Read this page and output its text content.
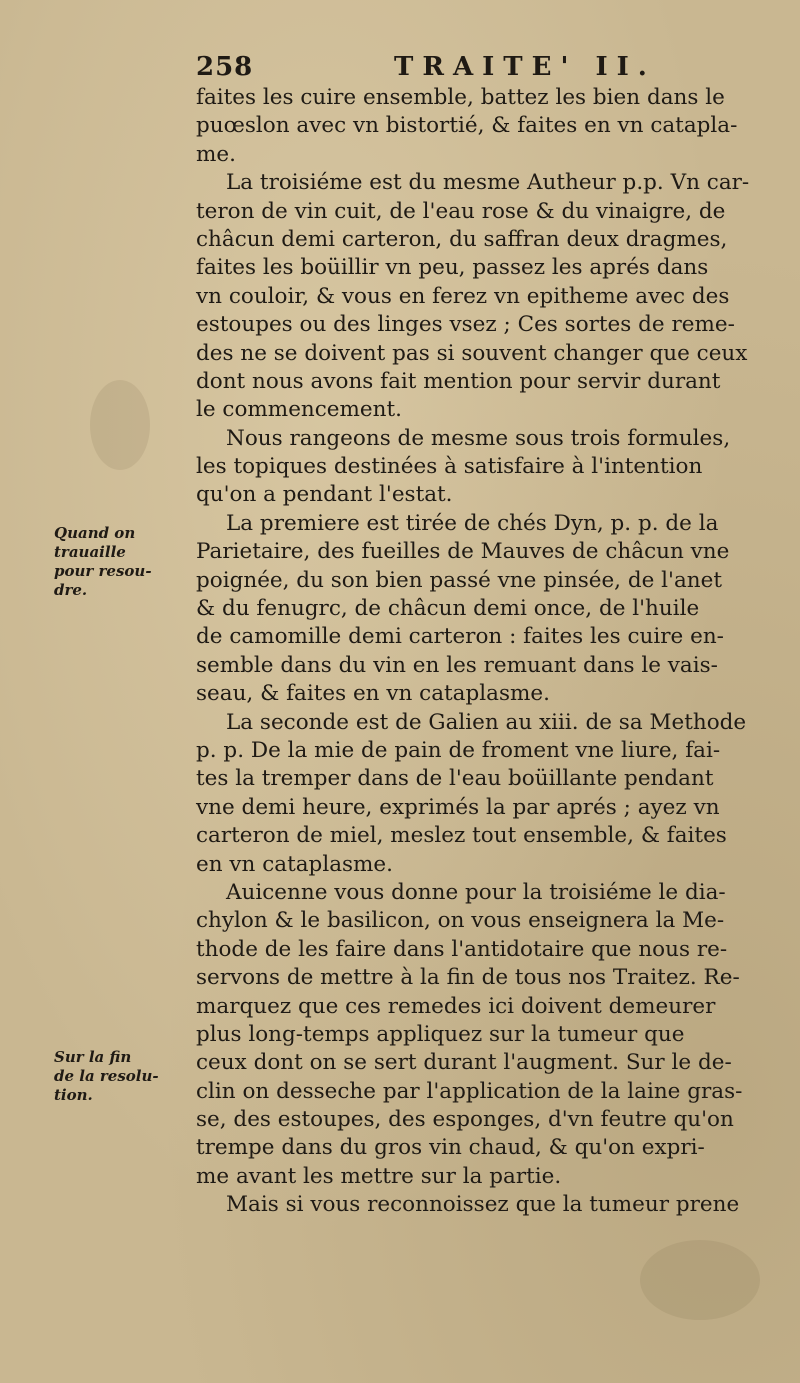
258	TRAITE' II.
Quand on
trauaille
pour resou-
dre.
Sur la fin
de la resolu-
tion.
faites les cuire ensemble, battez les bien dans le
puœslon avec vn bistortié, & faites en vn catapla-
me.
La troisiéme est du mesme Autheur p.p. Vn car-
teron de vin cuit, de l'eau rose & du vinaigre, de
châcun demi carteron, du saffran deux dragmes,
faites les boüillir vn peu, passez les aprés dans
vn couloir, & vous en ferez vn epitheme avec des
estoupes ou des linges vsez ; Ces sortes de reme-
des ne se doivent pas si souvent changer que ceux
dont nous avons fait mention pour servir durant
le commencement.
Nous rangeons de mesme sous trois formules,
les topiques destinées à satisfaire à l'intention
qu'on a pendant l'estat.
La premiere est tirée de chés Dyn, p. p. de la
Parietaire, des fueilles de Mauves de châcun vne
poignée, du son bien passé vne pinsée, de l'anet
& du fenugrc, de châcun demi once, de l'huile
de camomille demi carteron : faites les cuire en-
semble dans du vin en les remuant dans le vais-
seau, & faites en vn cataplasme.
La seconde est de Galien au xiii. de sa Methode
p. p. De la mie de pain de froment vne liure, fai-
tes la tremper dans de l'eau boüillante pendant
vne demi heure, exprimés la par aprés ; ayez vn
carteron de miel, meslez tout ensemble, & faites
en vn cataplasme.
Auicenne vous donne pour la troisiéme le dia-
chylon & le basilicon, on vous enseignera la Me-
thode de les faire dans l'antidotaire que nous re-
servons de mettre à la fin de tous nos Traitez. Re-
marquez que ces remedes ici doivent demeurer
plus long-temps appliquez sur la tumeur que
ceux dont on se sert durant l'augment. Sur le de-
clin on desseche par l'application de la laine gras-
se, des estoupes, des esponges, d'vn feutre qu'on
trempe dans du gros vin chaud, & qu'on expri-
me avant les mettre sur la partie.
Mais si vous reconnoissez que la tumeur prene
